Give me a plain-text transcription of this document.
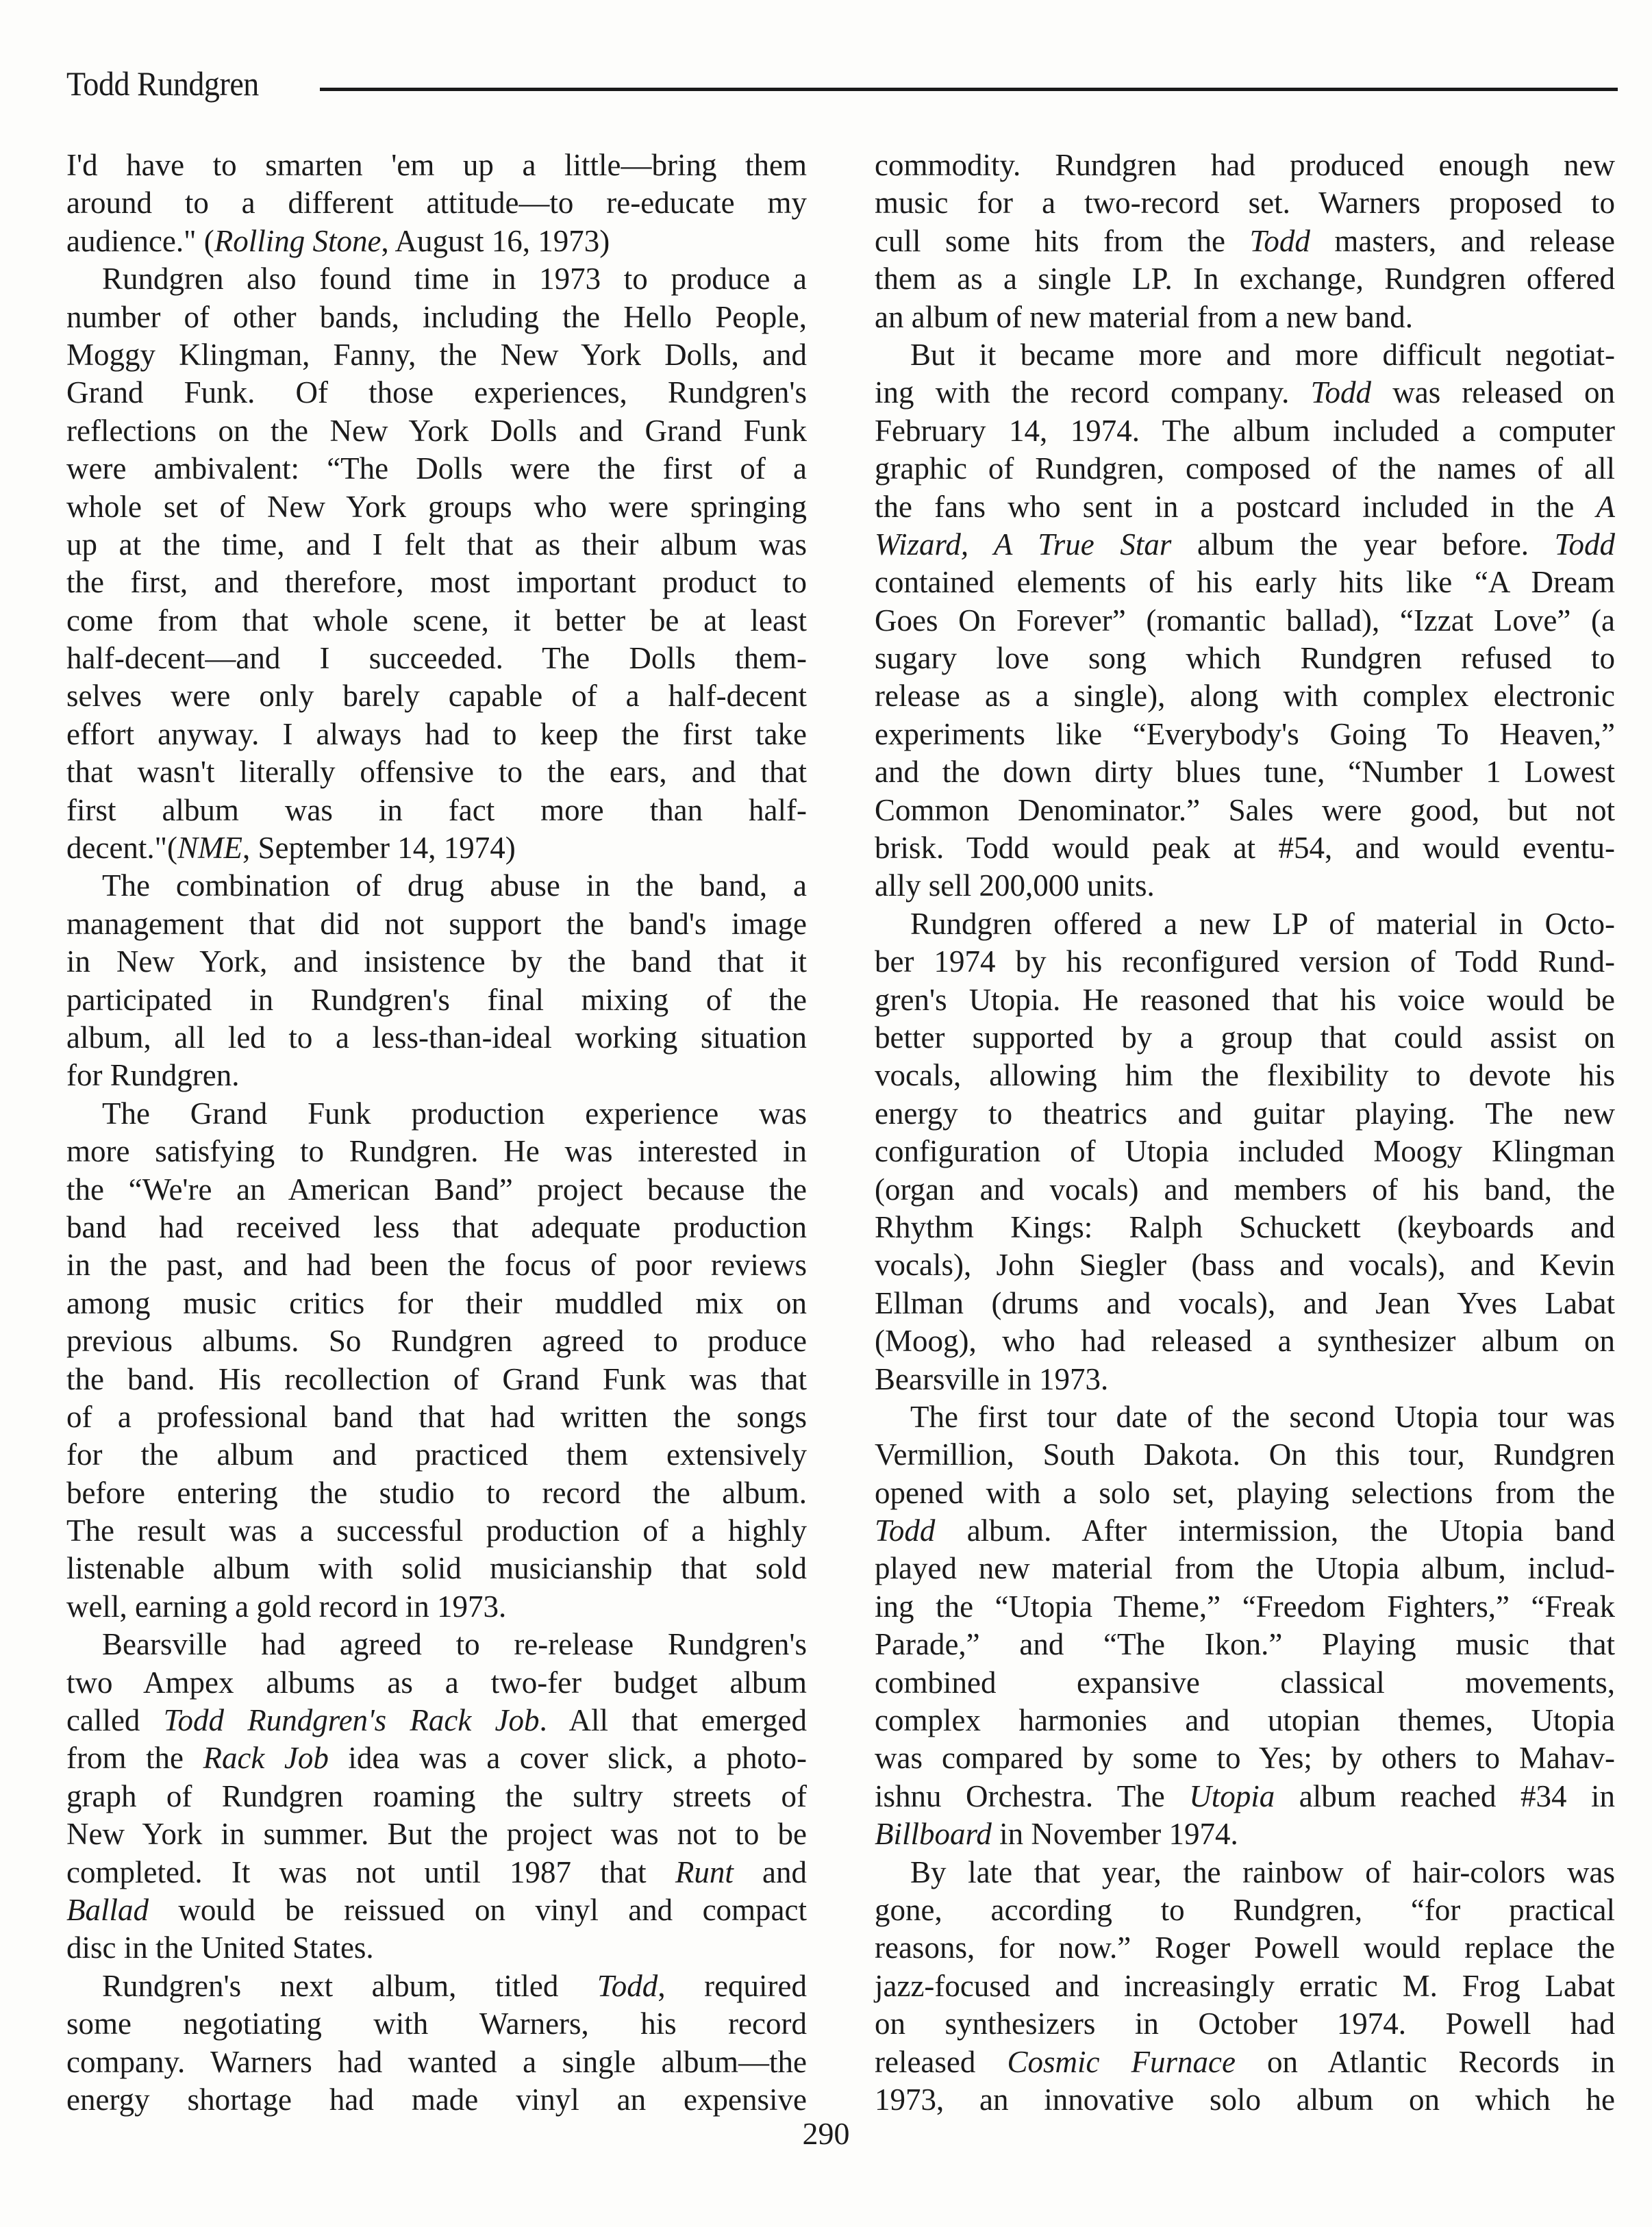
Todd Rundgren
I'd have to smarten 'em up a little—bring them
around to a different attitude—to re-educate my
audience." (Rolling Stone, August 16, 1973)
Rundgren also found time in 1973 to produce a
number of other bands, including the Hello People,
Moggy Klingman, Fanny, the New York Dolls, and
Grand Funk. Of those experiences, Rundgren's
reflections on the New York Dolls and Grand Funk
were ambivalent: “The Dolls were the first of a
whole set of New York groups who were springing
up at the time, and I felt that as their album was
the first, and therefore, most important product to
come from that whole scene, it better be at least
half-decent—and I succeeded. The Dolls them-
selves were only barely capable of a half-decent
effort anyway. I always had to keep the first take
that wasn't literally offensive to the ears, and that
first album was in fact more than half-
decent."(NME, September 14, 1974)
The combination of drug abuse in the band, a
management that did not support the band's image
in New York, and insistence by the band that it
participated in Rundgren's final mixing of the
album, all led to a less-than-ideal working situation
for Rundgren.
The Grand Funk production experience was
more satisfying to Rundgren. He was interested in
the “We're an American Band” project because the
band had received less that adequate production
in the past, and had been the focus of poor reviews
among music critics for their muddled mix on
previous albums. So Rundgren agreed to produce
the band. His recollection of Grand Funk was that
of a professional band that had written the songs
for the album and practiced them extensively
before entering the studio to record the album.
The result was a successful production of a highly
listenable album with solid musicianship that sold
well, earning a gold record in 1973.
Bearsville had agreed to re-release Rundgren's
two Ampex albums as a two-fer budget album
called Todd Rundgren's Rack Job. All that emerged
from the Rack Job idea was a cover slick, a photo-
graph of Rundgren roaming the sultry streets of
New York in summer. But the project was not to be
completed. It was not until 1987 that Runt and
Ballad would be reissued on vinyl and compact
disc in the United States.
Rundgren's next album, titled Todd, required
some negotiating with Warners, his record
company. Warners had wanted a single album—the
energy shortage had made vinyl an expensive
commodity. Rundgren had produced enough new
music for a two-record set. Warners proposed to
cull some hits from the Todd masters, and release
them as a single LP. In exchange, Rundgren offered
an album of new material from a new band.
But it became more and more difficult negotiat-
ing with the record company. Todd was released on
February 14, 1974. The album included a computer
graphic of Rundgren, composed of the names of all
the fans who sent in a postcard included in the A
Wizard, A True Star album the year before. Todd
contained elements of his early hits like “A Dream
Goes On Forever” (romantic ballad), “Izzat Love” (a
sugary love song which Rundgren refused to
release as a single), along with complex electronic
experiments like “Everybody's Going To Heaven,”
and the down dirty blues tune, “Number 1 Lowest
Common Denominator.” Sales were good, but not
brisk. Todd would peak at #54, and would eventu-
ally sell 200,000 units.
Rundgren offered a new LP of material in Octo-
ber 1974 by his reconfigured version of Todd Rund-
gren's Utopia. He reasoned that his voice would be
better supported by a group that could assist on
vocals, allowing him the flexibility to devote his
energy to theatrics and guitar playing. The new
configuration of Utopia included Moogy Klingman
(organ and vocals) and members of his band, the
Rhythm Kings: Ralph Schuckett (keyboards and
vocals), John Siegler (bass and vocals), and Kevin
Ellman (drums and vocals), and Jean Yves Labat
(Moog), who had released a synthesizer album on
Bearsville in 1973.
The first tour date of the second Utopia tour was
Vermillion, South Dakota. On this tour, Rundgren
opened with a solo set, playing selections from the
Todd album. After intermission, the Utopia band
played new material from the Utopia album, includ-
ing the “Utopia Theme,” “Freedom Fighters,” “Freak
Parade,” and “The Ikon.” Playing music that
combined expansive classical movements,
complex harmonies and utopian themes, Utopia
was compared by some to Yes; by others to Mahav-
ishnu Orchestra. The Utopia album reached #34 in
Billboard in November 1974.
By late that year, the rainbow of hair-colors was
gone, according to Rundgren, “for practical
reasons, for now.” Roger Powell would replace the
jazz-focused and increasingly erratic M. Frog Labat
on synthesizers in October 1974. Powell had
released Cosmic Furnace on Atlantic Records in
1973, an innovative solo album on which he
290
